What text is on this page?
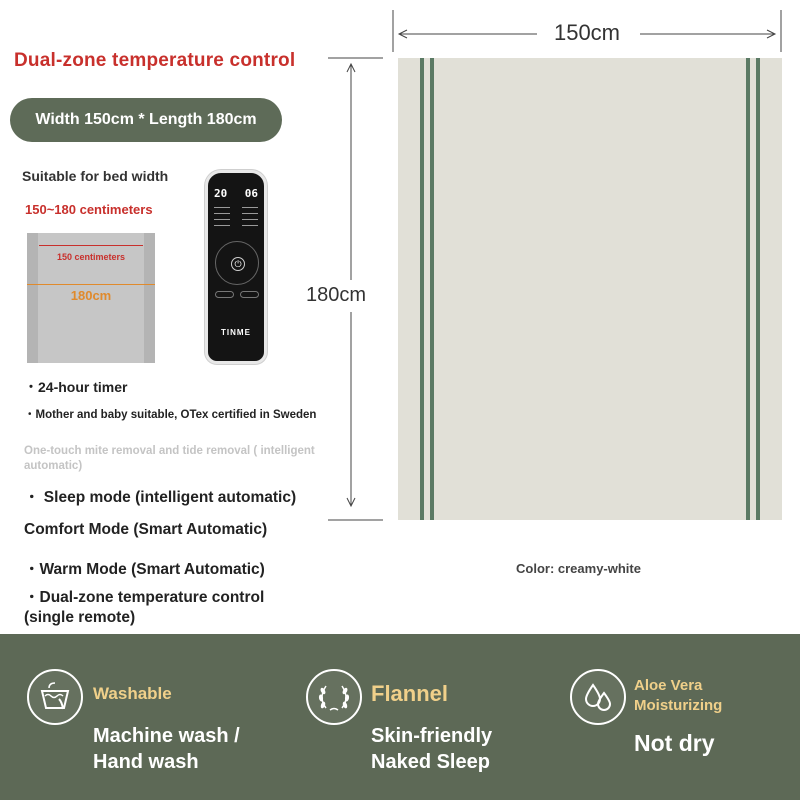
Dual-zone temperature control
Width 150cm * Length 180cm
Suitable for bed width
150~180 centimeters
150 centimeters
180cm
20 06
⏻
TINME
・24-hour timer
・Mother and baby suitable, OTex certified in Sweden
One-touch mite removal and tide removal ( intelligent automatic)
・ Sleep mode (intelligent automatic)
Comfort Mode (Smart Automatic)
・Warm Mode (Smart Automatic)
・Dual-zone temperature control (single remote)
150cm
180cm
Color: creamy-white
Washable
Machine wash /
Hand wash
Flannel
Skin-friendly
Naked Sleep
Aloe Vera
Moisturizing
Not dry
